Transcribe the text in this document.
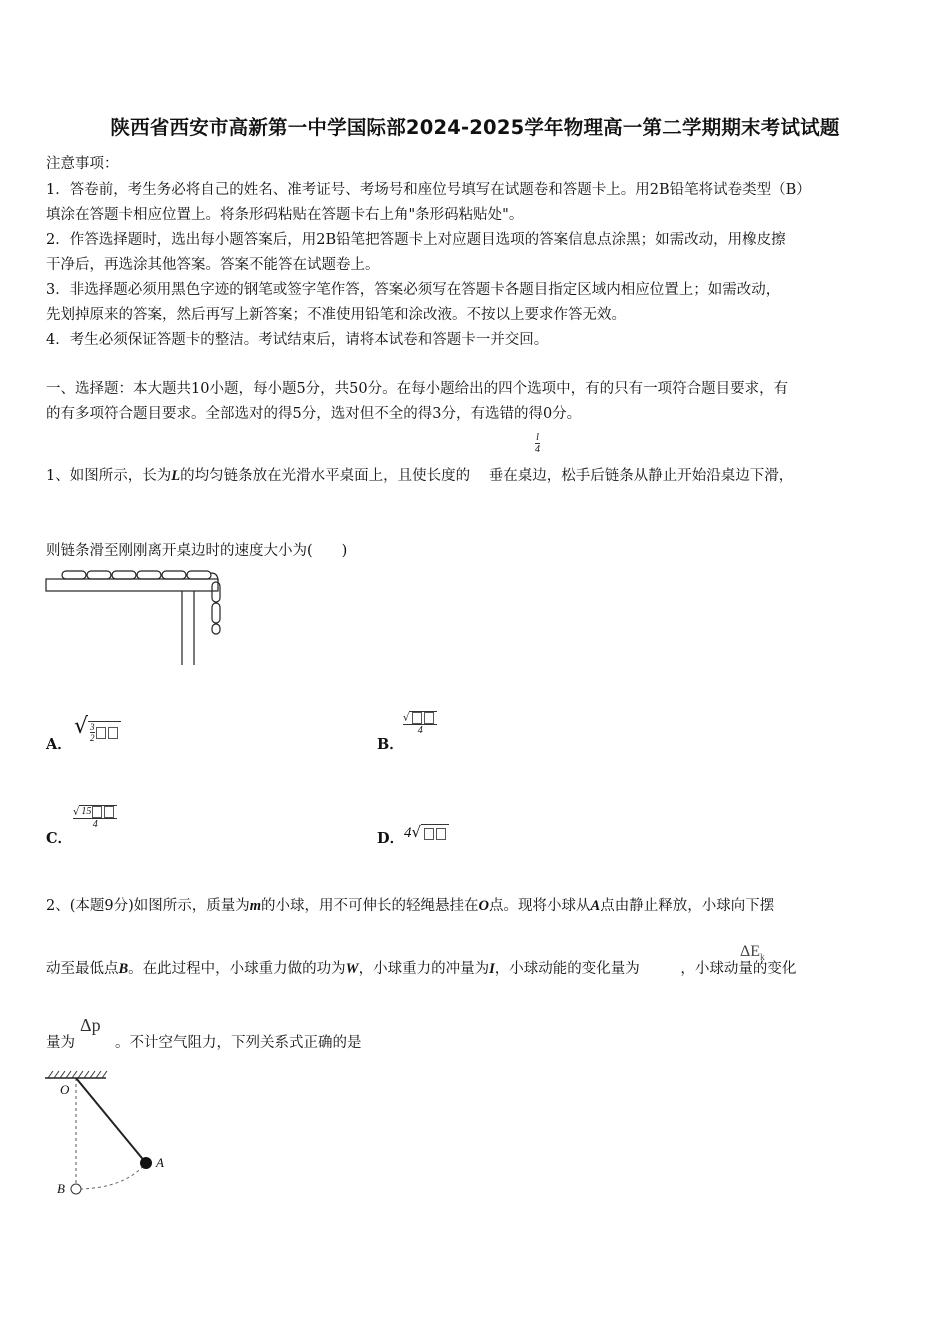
陕西省西安市高新第一中学国际部2024-2025学年物理高一第二学期期末考试试题
注意事项：
1．答卷前，考生务必将自己的姓名、准考证号、考场号和座位号填写在试题卷和答题卡上。用2B铅笔将试卷类型（B）
填涂在答题卡相应位置上。将条形码粘贴在答题卡右上角"条形码粘贴处"。
2．作答选择题时，选出每小题答案后，用2B铅笔把答题卡上对应题目选项的答案信息点涂黑；如需改动，用橡皮擦
干净后，再选涂其他答案。答案不能答在试题卷上。
3．非选择题必须用黑色字迹的钢笔或签字笔作答，答案必须写在答题卡各题目指定区域内相应位置上；如需改动，
先划掉原来的答案，然后再写上新答案；不准使用铅笔和涂改液。不按以上要求作答无效。
4．考生必须保证答题卡的整洁。考试结束后，请将本试卷和答题卡一并交回。
一、选择题：本大题共10小题，每小题5分，共50分。在每小题给出的四个选项中，有的只有一项符合题目要求，有
的有多项符合题目要求。全部选对的得5分，选对但不全的得3分，有选错的得0分。
1、如图所示，长为L的均匀链条放在光滑水平桌面上，且使长度的 垂在桌边，松手后链条从静止开始沿桌边下滑，
l
4
则链条滑至刚刚离开桌边时的速度大小为(　　)
A．
√ $\frac{3}{2}$
B．
√
4
C．
√ 15
4
D． 4√
2、(本题9分)如图所示，质量为m的小球，用不可伸长的轻绳悬挂在O点。现将小球从A点由静止释放，小球向下摆
动至最低点B。在此过程中，小球重力做的功为W，小球重力的冲量为I，小球动能的变化量为	，小球动量的变化
$\Delta E_k$
量为	。不计空气阻力，下列关系式正确的是
Δp
O
A
B
